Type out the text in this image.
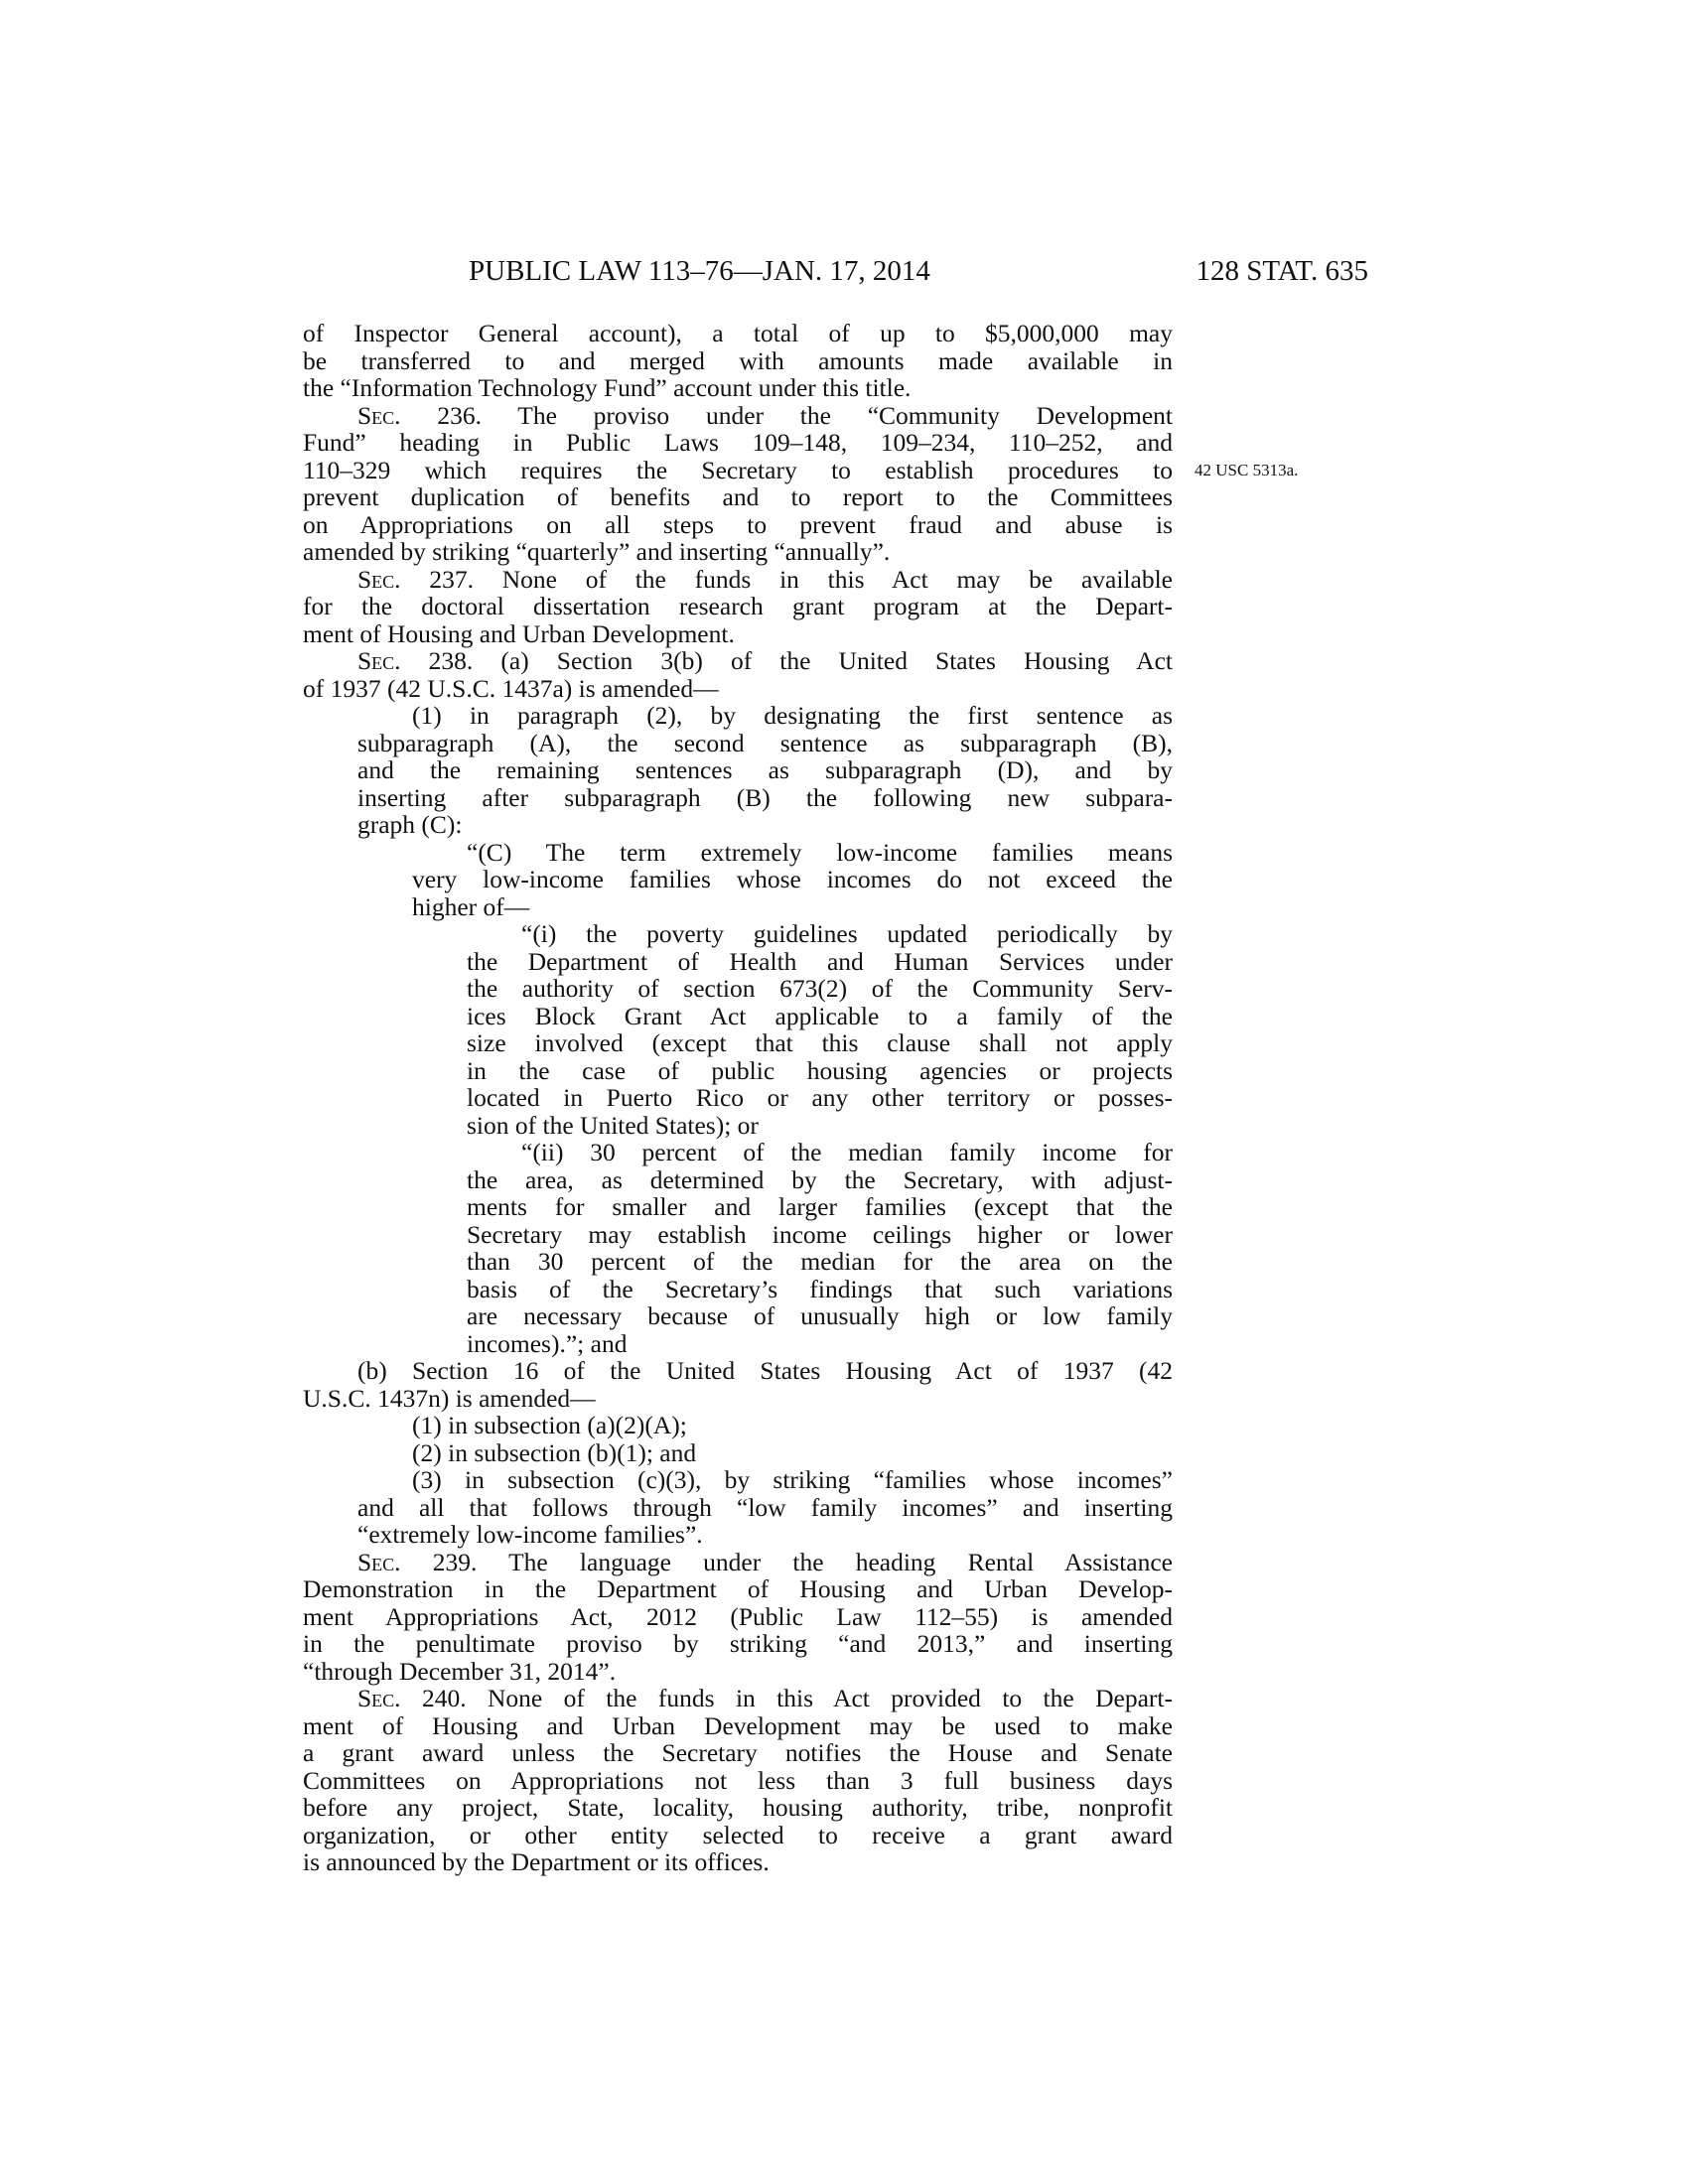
PUBLIC LAW 113–76—JAN. 17, 2014	128 STAT. 635
of Inspector General account), a total of up to $5,000,000 may
be transferred to and merged with amounts made available in
the “Information Technology Fund” account under this title.
Sec. 236. The proviso under the “Community Development
Fund” heading in Public Laws 109–148, 109–234, 110–252, and
110–329 which requires the Secretary to establish procedures to
prevent duplication of benefits and to report to the Committees
on Appropriations on all steps to prevent fraud and abuse is
amended by striking “quarterly” and inserting “annually”.
Sec. 237. None of the funds in this Act may be available
for the doctoral dissertation research grant program at the Depart-
ment of Housing and Urban Development.
Sec. 238. (a) Section 3(b) of the United States Housing Act
of 1937 (42 U.S.C. 1437a) is amended—
(1) in paragraph (2), by designating the first sentence as
subparagraph (A), the second sentence as subparagraph (B),
and the remaining sentences as subparagraph (D), and by
inserting after subparagraph (B) the following new subpara-
graph (C):
“(C) The term extremely low-income families means
very low-income families whose incomes do not exceed the
higher of—
“(i) the poverty guidelines updated periodically by
the Department of Health and Human Services under
the authority of section 673(2) of the Community Serv-
ices Block Grant Act applicable to a family of the
size involved (except that this clause shall not apply
in the case of public housing agencies or projects
located in Puerto Rico or any other territory or posses-
sion of the United States); or
“(ii) 30 percent of the median family income for
the area, as determined by the Secretary, with adjust-
ments for smaller and larger families (except that the
Secretary may establish income ceilings higher or lower
than 30 percent of the median for the area on the
basis of the Secretary’s findings that such variations
are necessary because of unusually high or low family
incomes).”; and
(b) Section 16 of the United States Housing Act of 1937 (42
U.S.C. 1437n) is amended—
(1) in subsection (a)(2)(A);
(2) in subsection (b)(1); and
(3) in subsection (c)(3), by striking “families whose incomes”
and all that follows through “low family incomes” and inserting
“extremely low-income families”.
Sec. 239. The language under the heading Rental Assistance
Demonstration in the Department of Housing and Urban Develop-
ment Appropriations Act, 2012 (Public Law 112–55) is amended
in the penultimate proviso by striking “and 2013,” and inserting
“through December 31, 2014”.
Sec. 240. None of the funds in this Act provided to the Depart-
ment of Housing and Urban Development may be used to make
a grant award unless the Secretary notifies the House and Senate
Committees on Appropriations not less than 3 full business days
before any project, State, locality, housing authority, tribe, nonprofit
organization, or other entity selected to receive a grant award
is announced by the Department or its offices.
42 USC 5313a.
